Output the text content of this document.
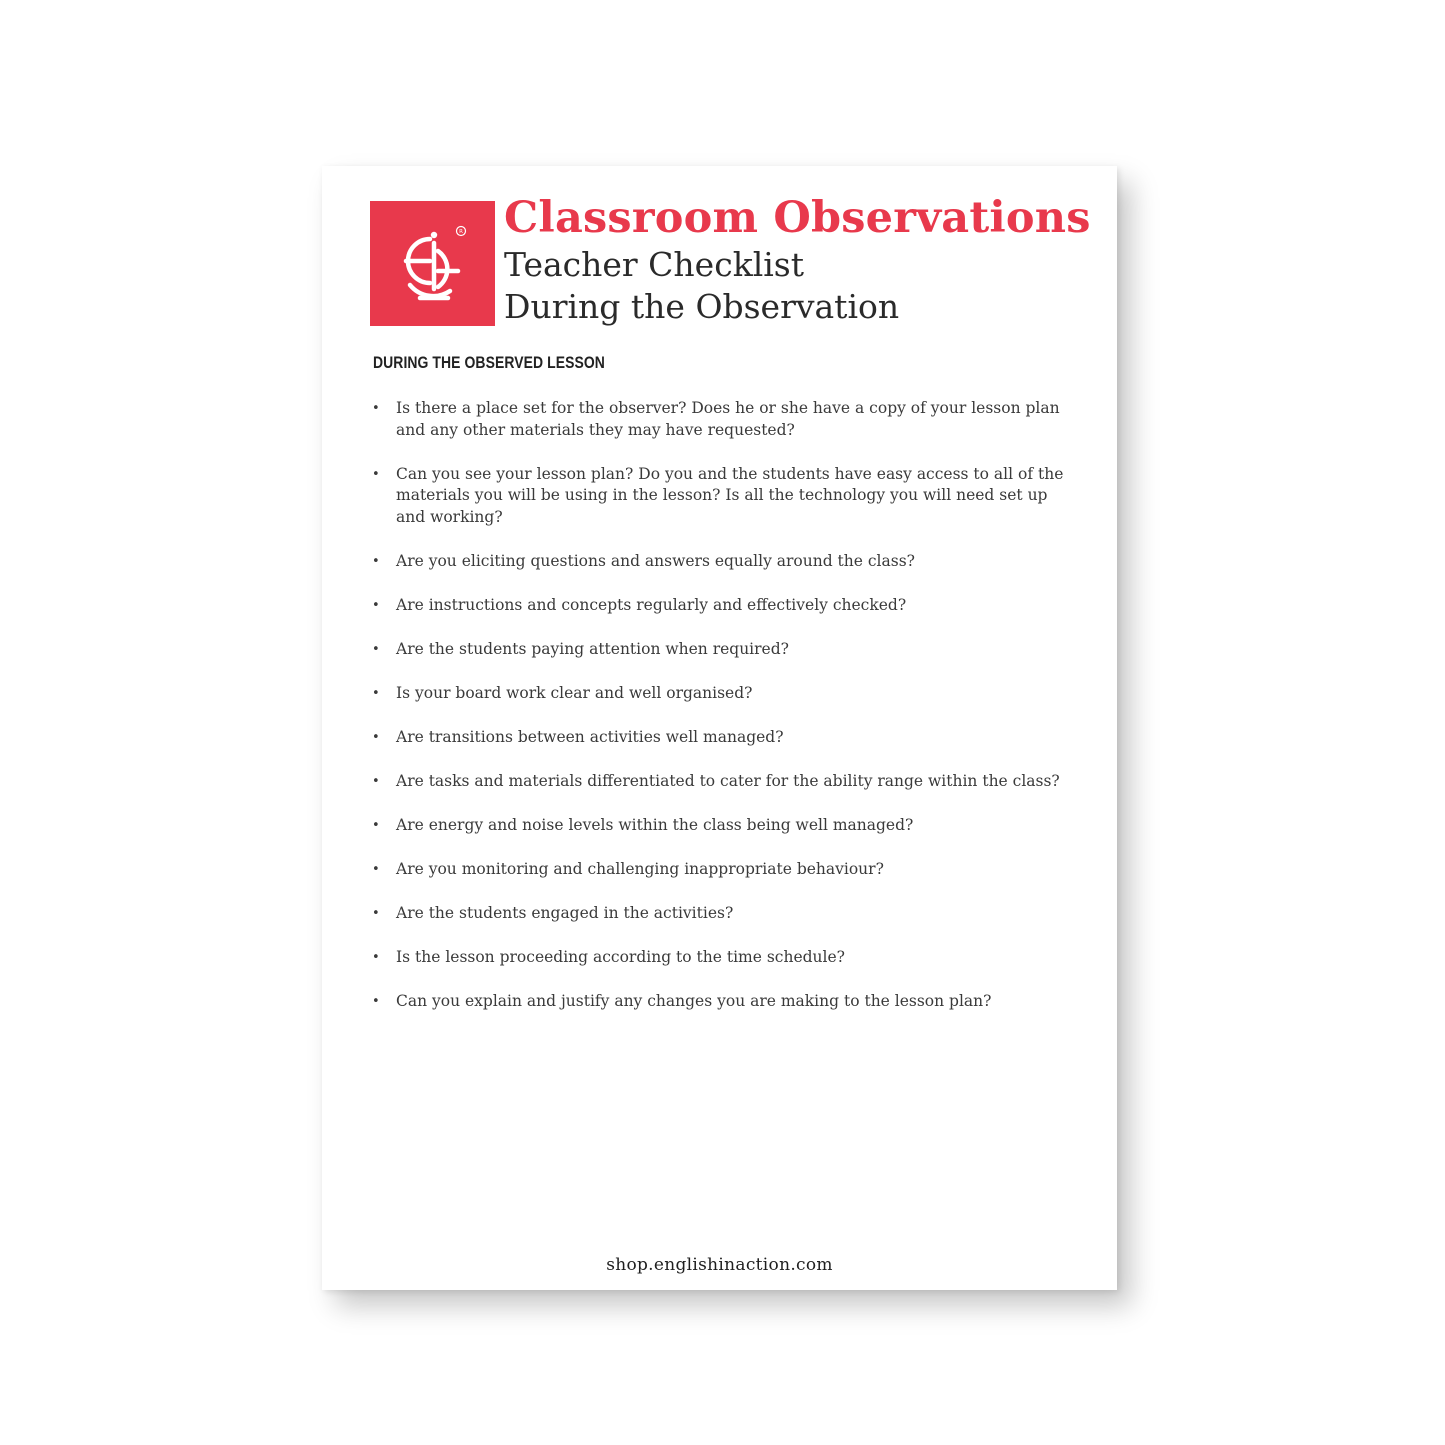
R Classroom Observations
Teacher Checklist
During the Observation
DURING THE OBSERVED LESSON
• Is there a place set for the observer? Does he or she have a copy of your lesson plan and any other materials they may have requested?
• Can you see your lesson plan? Do you and the students have easy access to all of the materials you will be using in the lesson? Is all the technology you will need set up and working?
• Are you eliciting questions and answers equally around the class?
• Are instructions and concepts regularly and effectively checked?
• Are the students paying attention when required?
• Is your board work clear and well organised?
• Are transitions between activities well managed?
• Are tasks and materials differentiated to cater for the ability range within the class?
• Are energy and noise levels within the class being well managed?
• Are you monitoring and challenging inappropriate behaviour?
• Are the students engaged in the activities?
• Is the lesson proceeding according to the time schedule?
• Can you explain and justify any changes you are making to the lesson plan?
shop.englishinaction.com
